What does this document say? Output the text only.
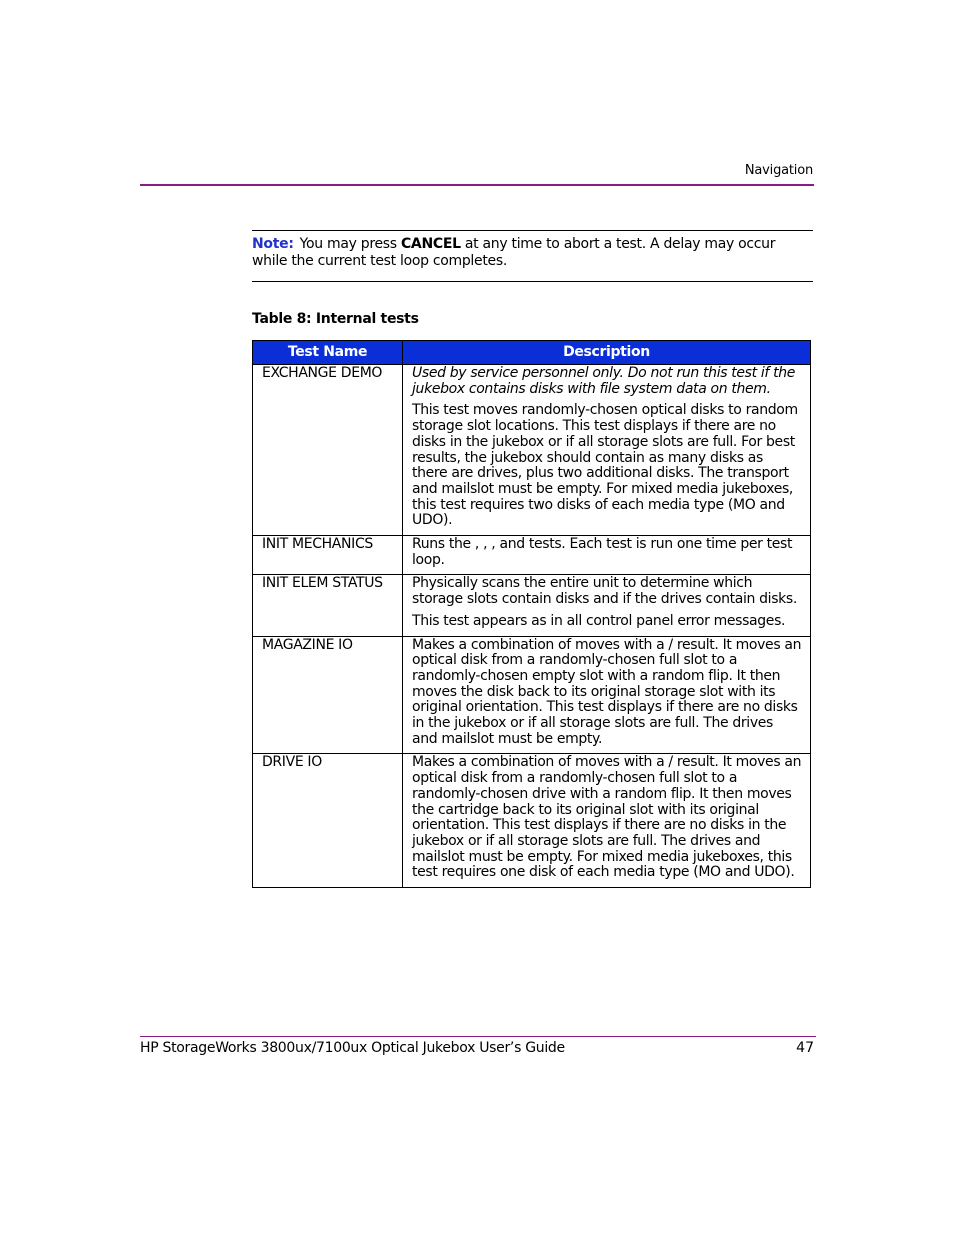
Navigation
Note: You may press CANCEL at any time to abort a test. A delay may occur while the current test loop completes.
Table 8: Internal tests
Test Name	Description
EXCHANGE DEMO	Used by service personnel only. Do not run this test if the jukebox contains disks with file system data on them.
This test moves randomly-chosen optical disks to random storage slot locations. This test displays if there are no disks in the jukebox or if all storage slots are full. For best results, the jukebox should contain as many disks as there are drives, plus two additional disks. The transport and mailslot must be empty. For mixed media jukeboxes, this test requires two disks of each media type (MO and UDO).

INIT MECHANICS	Runs the , , , and tests. Each test is run one time per test loop.

INIT ELEM STATUS	Physically scans the entire unit to determine which storage slots contain disks and if the drives contain disks.
This test appears as in all control panel error messages.

MAGAZINE IO	Makes a combination of moves with a / result. It moves an optical disk from a randomly-chosen full slot to a randomly-chosen empty slot with a random flip. It then moves the disk back to its original storage slot with its original orientation. This test displays if there are no disks in the jukebox or if all storage slots are full. The drives and mailslot must be empty.

DRIVE IO	Makes a combination of moves with a / result. It moves an optical disk from a randomly-chosen full slot to a randomly-chosen drive with a random flip. It then moves the cartridge back to its original slot with its original orientation. This test displays if there are no disks in the jukebox or if all storage slots are full. The drives and mailslot must be empty. For mixed media jukeboxes, this test requires one disk of each media type (MO and UDO).
HP StorageWorks 3800ux/7100ux Optical Jukebox User’s Guide	47
